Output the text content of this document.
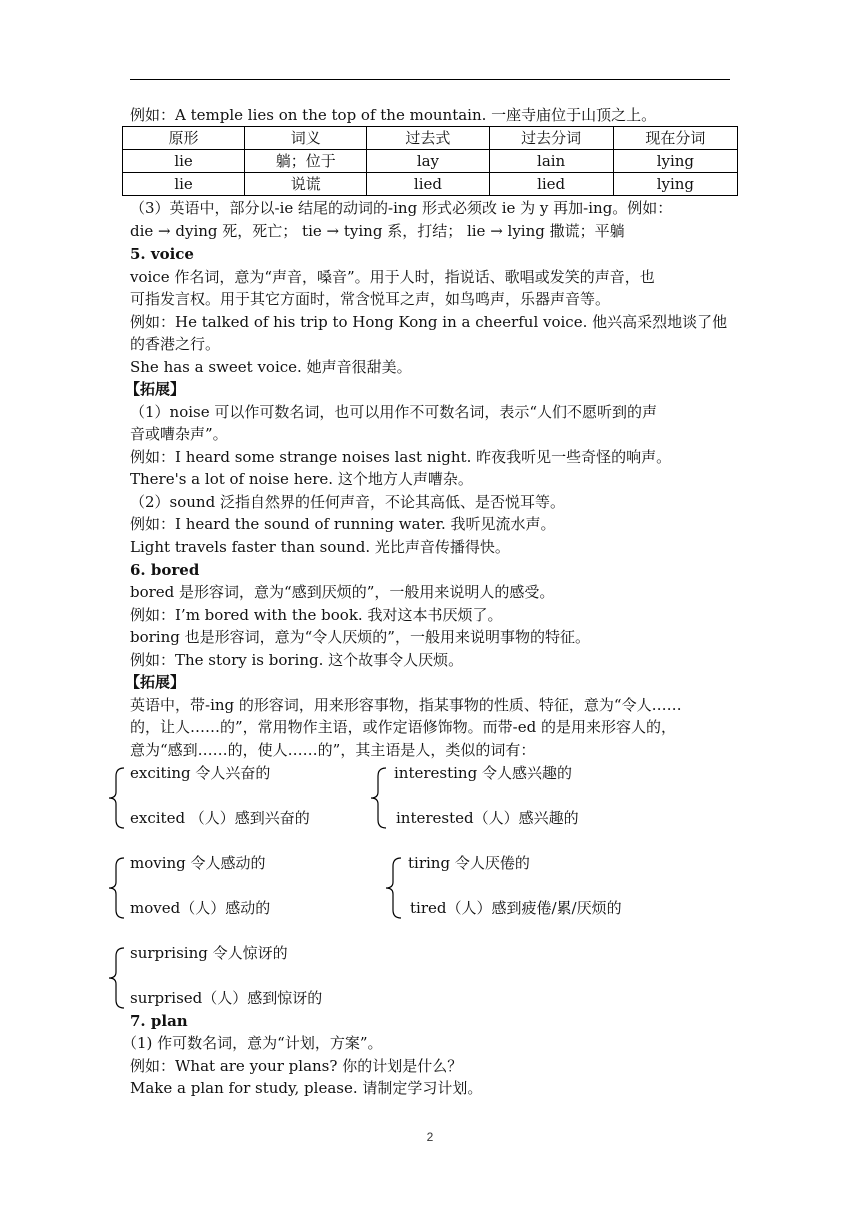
例如：A temple lies on the top of the mountain. 一座寺庙位于山顶之上。
原形	词义	过去式	过去分词	现在分词
lie	躺；位于	lay	lain	lying
lie	说谎	lied	lied	lying
（3）英语中，部分以-ie 结尾的动词的-ing 形式必须改 ie 为 y 再加-ing。例如：
die → dying 死，死亡； tie → tying 系，打结； lie → lying 撒谎；平躺
5. voice
voice 作名词，意为“声音，嗓音”。用于人时，指说话、歌唱或发笑的声音，也
可指发言权。用于其它方面时，常含悦耳之声，如鸟鸣声，乐器声音等。
例如：He talked of his trip to Hong Kong in a cheerful voice. 他兴高采烈地谈了他
的香港之行。
She has a sweet voice. 她声音很甜美。
【拓展】
（1）noise 可以作可数名词，也可以用作不可数名词，表示“人们不愿听到的声
音或嘈杂声”。
例如：I heard some strange noises last night. 昨夜我听见一些奇怪的响声。
There's a lot of noise here. 这个地方人声嘈杂。
（2）sound 泛指自然界的任何声音，不论其高低、是否悦耳等。
例如：I heard the sound of running water. 我听见流水声。
Light travels faster than sound. 光比声音传播得快。
6. bored
bored 是形容词，意为“感到厌烦的”，一般用来说明人的感受。
例如：I’m bored with the book. 我对这本书厌烦了。
boring 也是形容词，意为“令人厌烦的”，一般用来说明事物的特征。
例如：The story is boring. 这个故事令人厌烦。
【拓展】
英语中，带-ing 的形容词，用来形容事物，指某事物的性质、特征，意为“令人……
的，让人……的”，常用物作主语，或作定语修饰物。而带-ed 的是用来形容人的，
意为“感到……的，使人……的”，其主语是人，类似的词有：
exciting 令人兴奋的
excited （人）感到兴奋的
interesting 令人感兴趣的
interested（人）感兴趣的
moving 令人感动的
moved（人）感动的
tiring 令人厌倦的
tired（人）感到疲倦/累/厌烦的
surprising 令人惊讶的
surprised（人）感到惊讶的
7. plan
（1) 作可数名词，意为“计划，方案”。
例如：What are your plans? 你的计划是什么？
Make a plan for study, please. 请制定学习计划。
2
